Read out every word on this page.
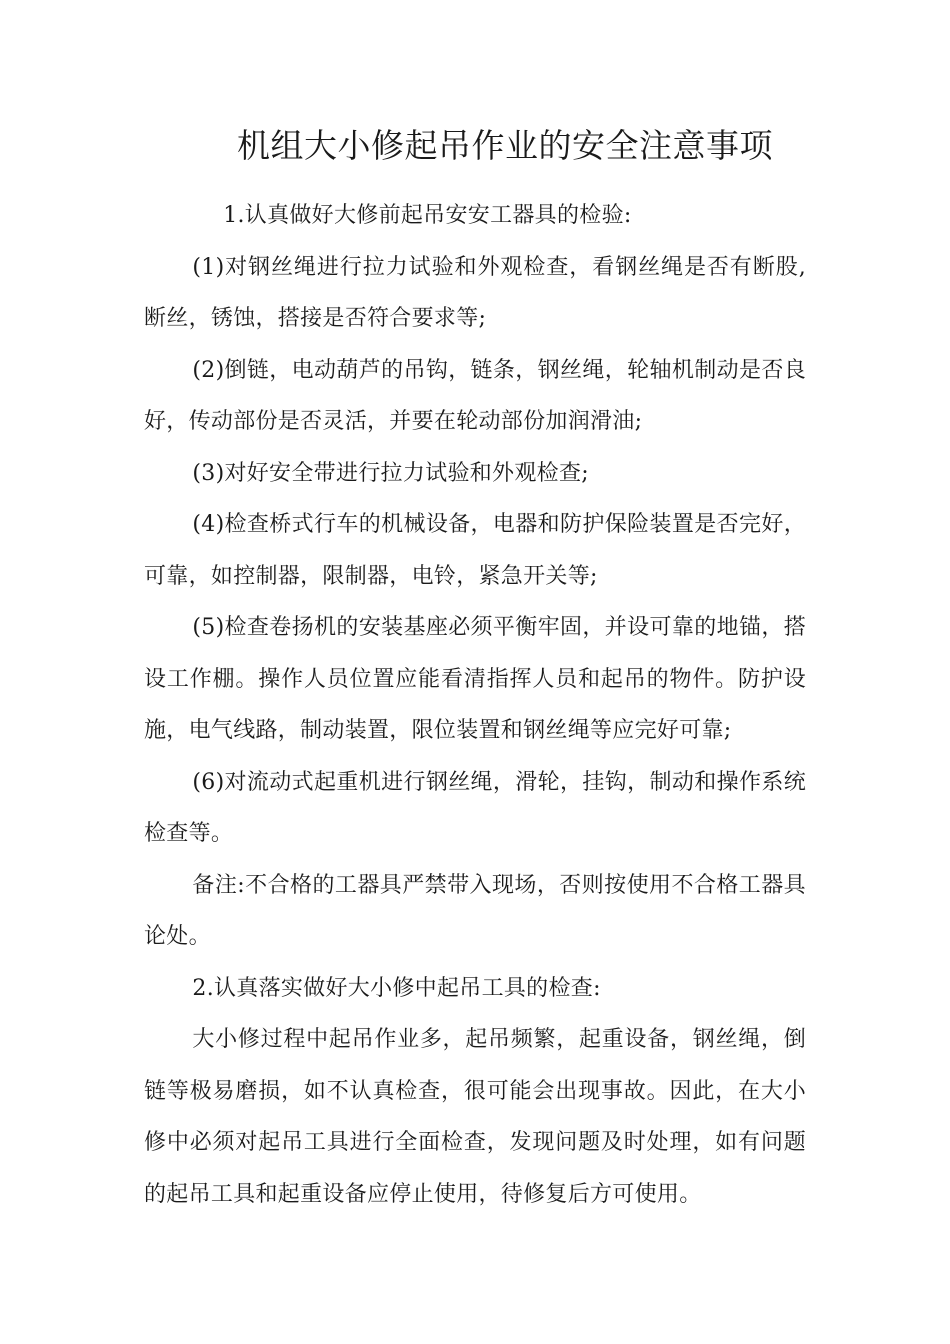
机组大小修起吊作业的安全注意事项

1.认真做好大修前起吊安安工器具的检验:

(1)对钢丝绳进行拉力试验和外观检查，看钢丝绳是否有断股,断丝，锈蚀，搭接是否符合要求等;

(2)倒链，电动葫芦的吊钩，链条，钢丝绳，轮轴机制动是否良好，传动部份是否灵活，并要在轮动部份加润滑油;

(3)对好安全带进行拉力试验和外观检查;

(4)检查桥式行车的机械设备，电器和防护保险装置是否完好，可靠，如控制器，限制器，电铃，紧急开关等;

(5)检查卷扬机的安装基座必须平衡牢固，并设可靠的地锚，搭设工作棚。操作人员位置应能看清指挥人员和起吊的物件。防护设施，电气线路，制动装置，限位装置和钢丝绳等应完好可靠;

(6)对流动式起重机进行钢丝绳，滑轮，挂钩，制动和操作系统检查等。

备注:不合格的工器具严禁带入现场，否则按使用不合格工器具论处。

2.认真落实做好大小修中起吊工具的检查:

大小修过程中起吊作业多，起吊频繁，起重设备，钢丝绳，倒链等极易磨损，如不认真检查，很可能会出现事故。因此，在大小修中必须对起吊工具进行全面检查，发现问题及时处理，如有问题的起吊工具和起重设备应停止使用，待修复后方可使用。
